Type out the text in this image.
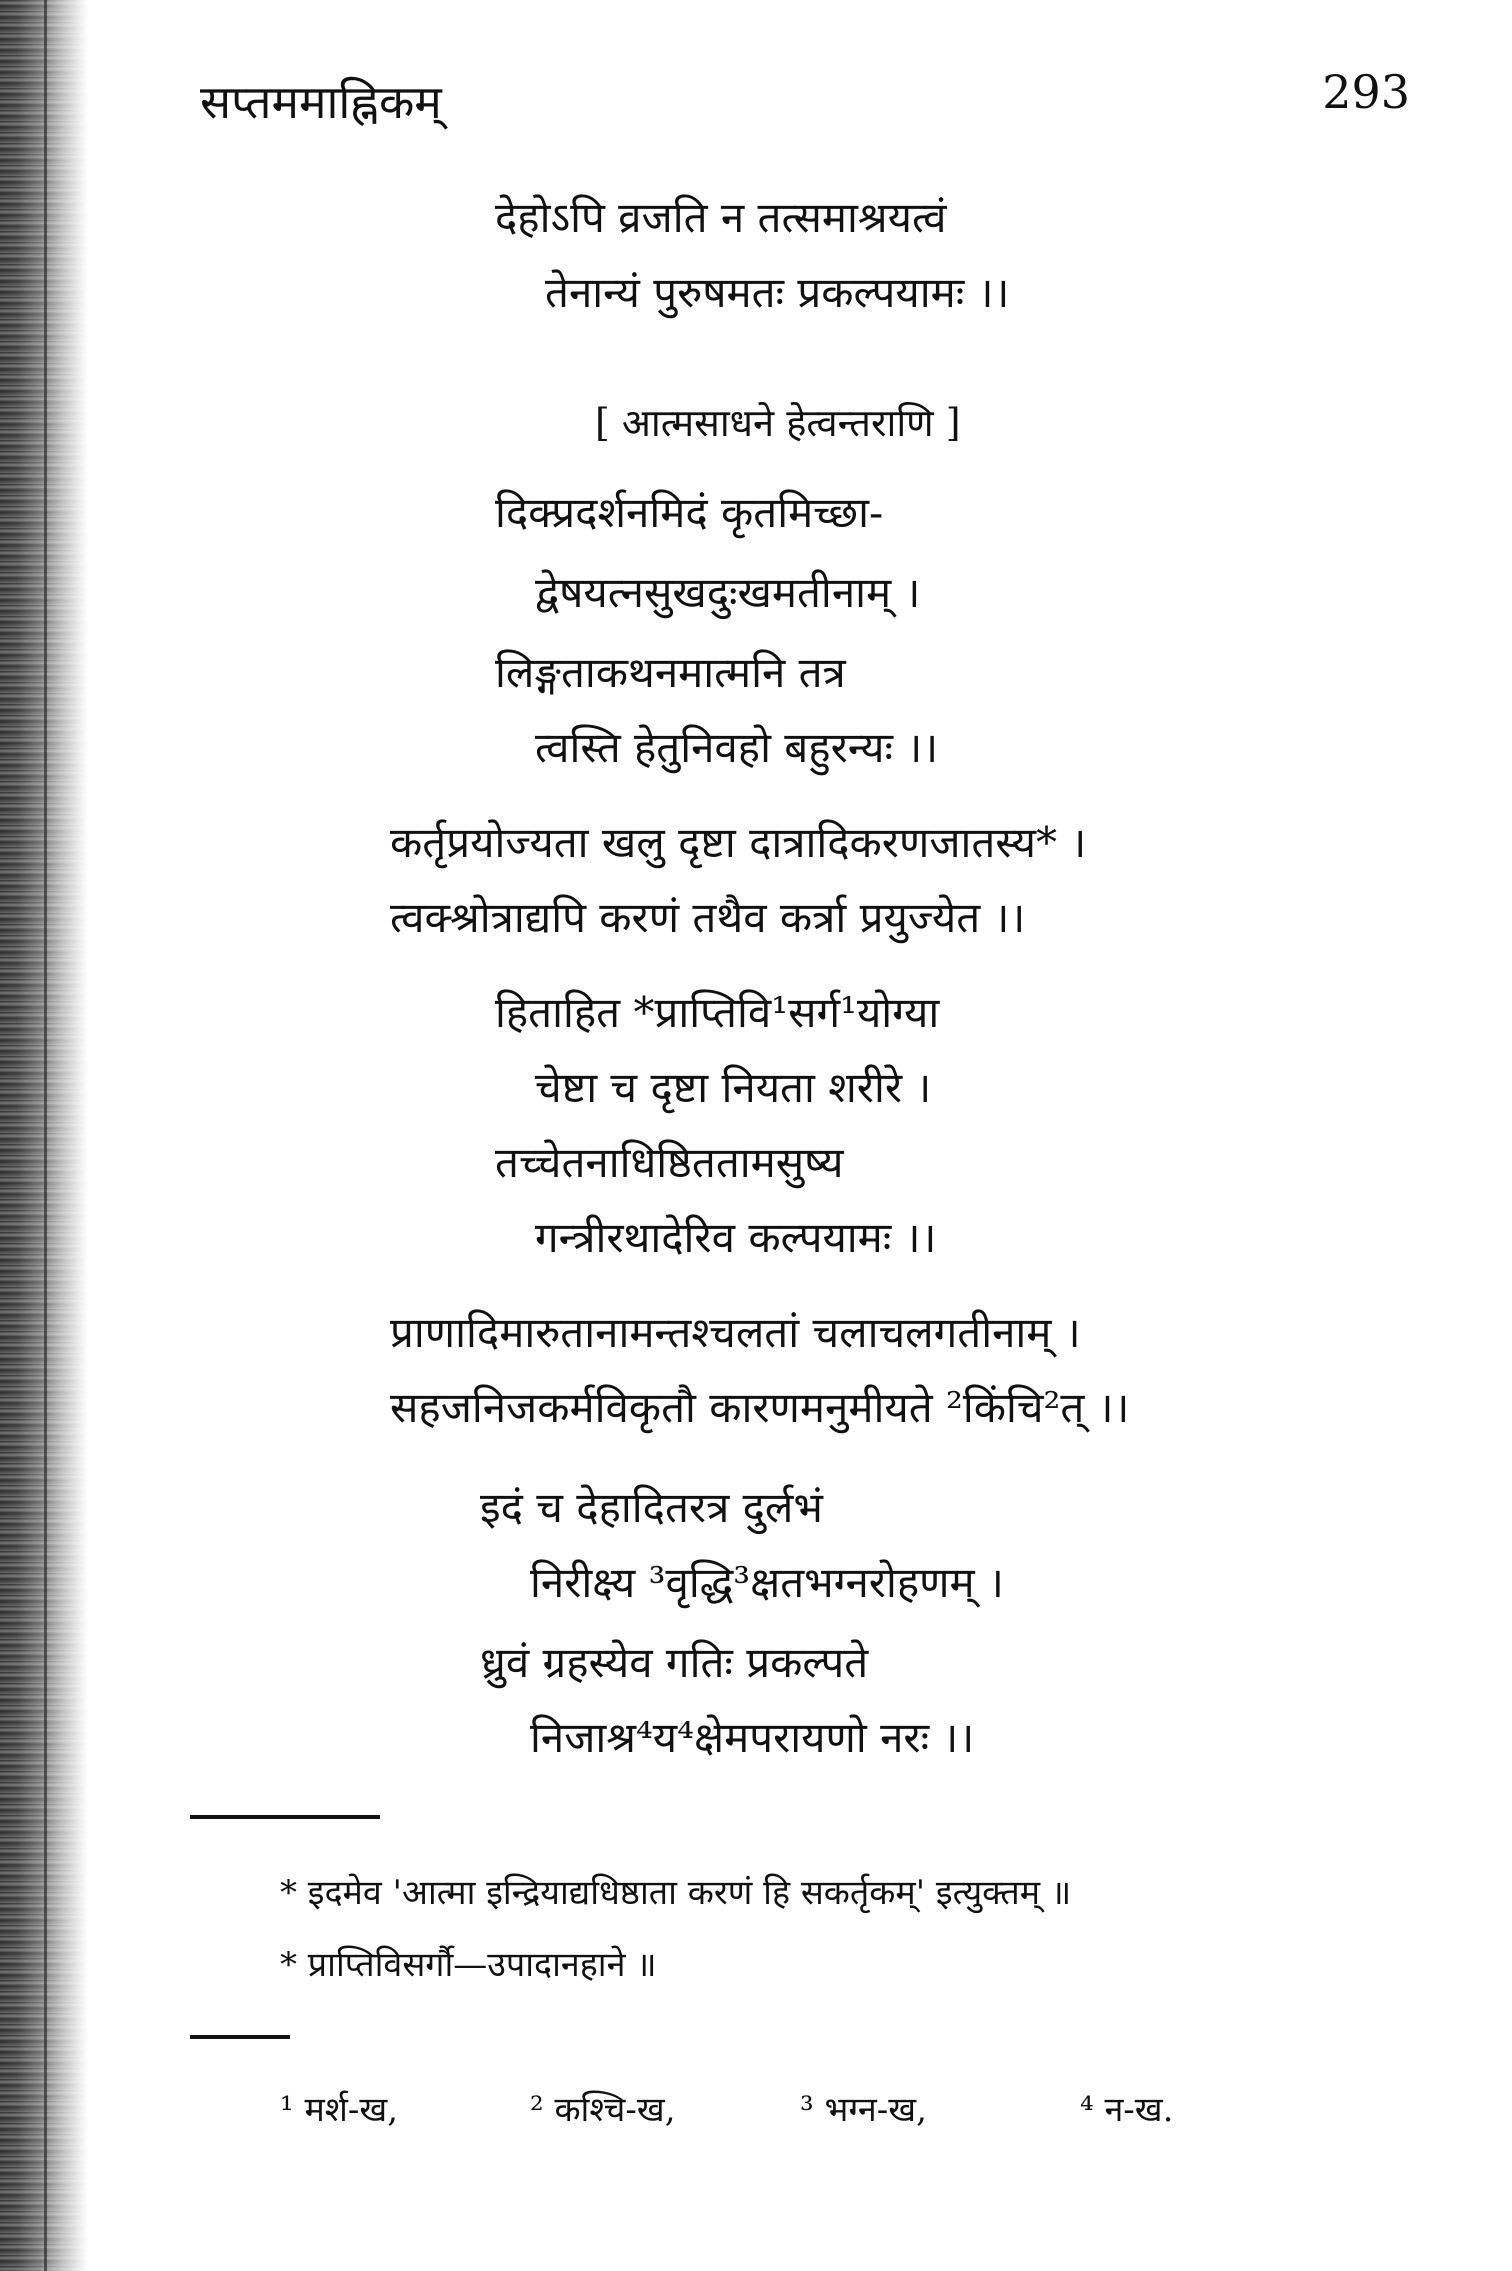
सप्तममाह्निकम्	293
देहोऽपि व्रजति न तत्समाश्रयत्वं
तेनान्यं पुरुषमतः प्रकल्पयामः ।।
[ आत्मसाधने हेत्वन्तराणि ]
दिक्प्रदर्शनमिदं कृतमिच्छा-
द्वेषयत्नसुखदुःखमतीनाम् ।
लिङ्गताकथनमात्मनि तत्र
त्वस्ति हेतुनिवहो बहुरन्यः ।।
कर्तृप्रयोज्यता खलु दृष्टा दात्रादिकरणजातस्य* ।
त्वक्श्रोत्राद्यपि करणं तथैव कर्त्रा प्रयुज्येत ।।
हिताहित *प्राप्तिवि¹सर्ग¹योग्या
चेष्टा च दृष्टा नियता शरीरे ।
तच्चेतनाधिष्ठिततामसुष्य
गन्त्रीरथादेरिव कल्पयामः ।।
प्राणादिमारुतानामन्तश्चलतां चलाचलगतीनाम् ।
सहजनिजकर्मविकृतौ कारणमनुमीयते ²किंचि²त् ।।
इदं च देहादितरत्र दुर्लभं
निरीक्ष्य ³वृद्धि³क्षतभग्नरोहणम् ।
ध्रुवं ग्रहस्येव गतिः प्रकल्पते
निजाश्र⁴य⁴क्षेमपरायणो नरः ।।
* इदमेव 'आत्मा इन्द्रियाद्यधिष्ठाता करणं हि सकर्तृकम्' इत्युक्तम् ॥
* प्राप्तिविसर्गौ—उपादानहाने ॥
¹ मर्श-ख,	² कश्चि-ख,	³ भग्न-ख,	⁴ न-ख.
